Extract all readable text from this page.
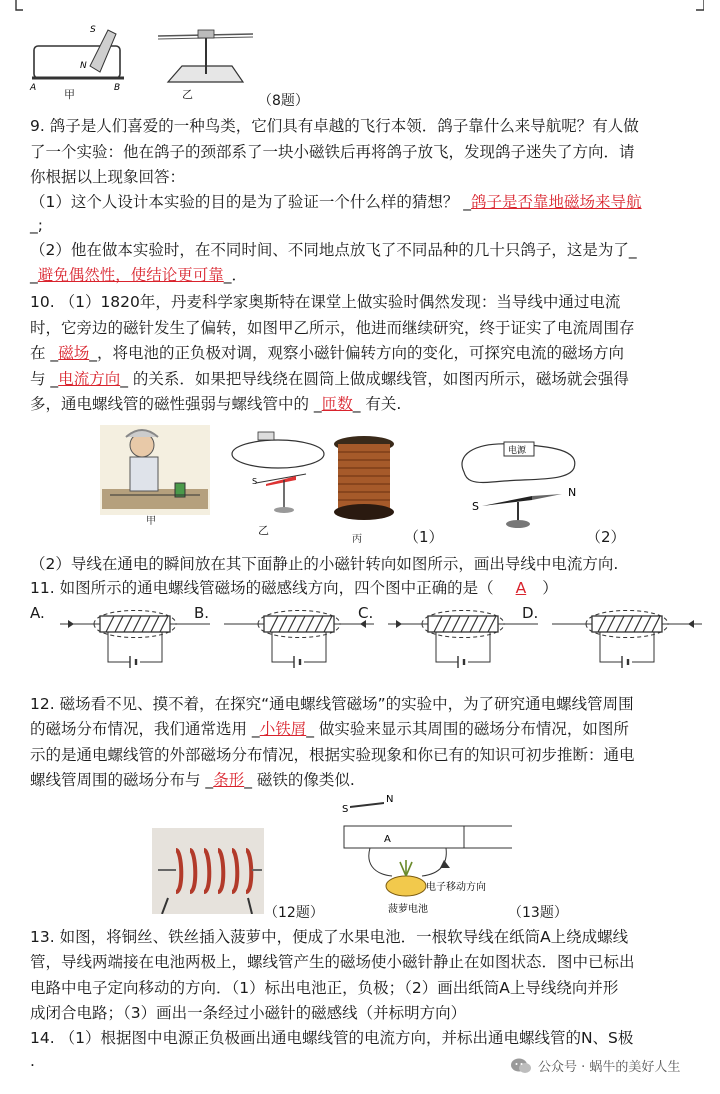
S
N
A	B
甲	乙	（8题）
9. 鸽子是人们喜爱的一种鸟类，它们具有卓越的飞行本领．鸽子靠什么来导航呢？有人做
了一个实验：他在鸽子的颈部系了一块小磁铁后再将鸽子放飞，发现鸽子迷失了方向．请
你根据以上现象回答：
（1）这个人设计本实验的目的是为了验证一个什么样的猜想？ _鸽子是否靠地磁场来导航
_;
（2）他在做本实验时，在不同时间、不同地点放飞了不同品种的几十只鸽子，这是为了_
_避免偶然性，使结论更可靠_．
10. （1）1820年，丹麦科学家奥斯特在课堂上做实验时偶然发现：当导线中通过电流
时，它旁边的磁针发生了偏转，如图甲乙所示，他进而继续研究，终于证实了电流周围存
在 _磁场_，将电池的正负极对调，观察小磁针偏转方向的变化，可探究电流的磁场方向
与 _电流方向_ 的关系．如果把导线绕在圆筒上做成螺线管，如图丙所示，磁场就会强得
多，通电螺线管的磁性强弱与螺线管中的 _匝数_ 有关.
甲
S
乙
丙	（1）
电源
S
N
（2）
（2）导线在通电的瞬间放在其下面静止的小磁针转向如图所示，画出导线中电流方向.
11. 如图所示的通电螺线管磁场的磁感线方向，四个图中正确的是（ A ）
A.	B.	C.	D.
12. 磁场看不见、摸不着，在探究“通电螺线管磁场”的实验中，为了研究通电螺线管周围
的磁场分布情况，我们通常选用 _小铁屑_ 做实验来显示其周围的磁场分布情况，如图所
示的是通电螺线管的外部磁场分布情况，根据实验现象和你已有的知识可初步推断：通电
螺线管周围的磁场分布与 _条形_ 磁铁的像类似.
（12题）
S
N
A
菠萝电池
电子移动方向
（13题）
13. 如图，将铜丝、铁丝插入菠萝中，便成了水果电池．一根软导线在纸筒A上绕成螺线
管，导线两端接在电池两极上，螺线管产生的磁场使小磁针静止在如图状态．图中已标出
电路中电子定向移动的方向．（1）标出电池正，负极；（2）画出纸筒A上导线绕向并形
成闭合电路；（3）画出一条经过小磁针的磁感线（并标明方向）
14. （1）根据图中电源正负极画出通电螺线管的电流方向，并标出通电螺线管的N、S极
.	公众号 · 蜗牛的美好人生
